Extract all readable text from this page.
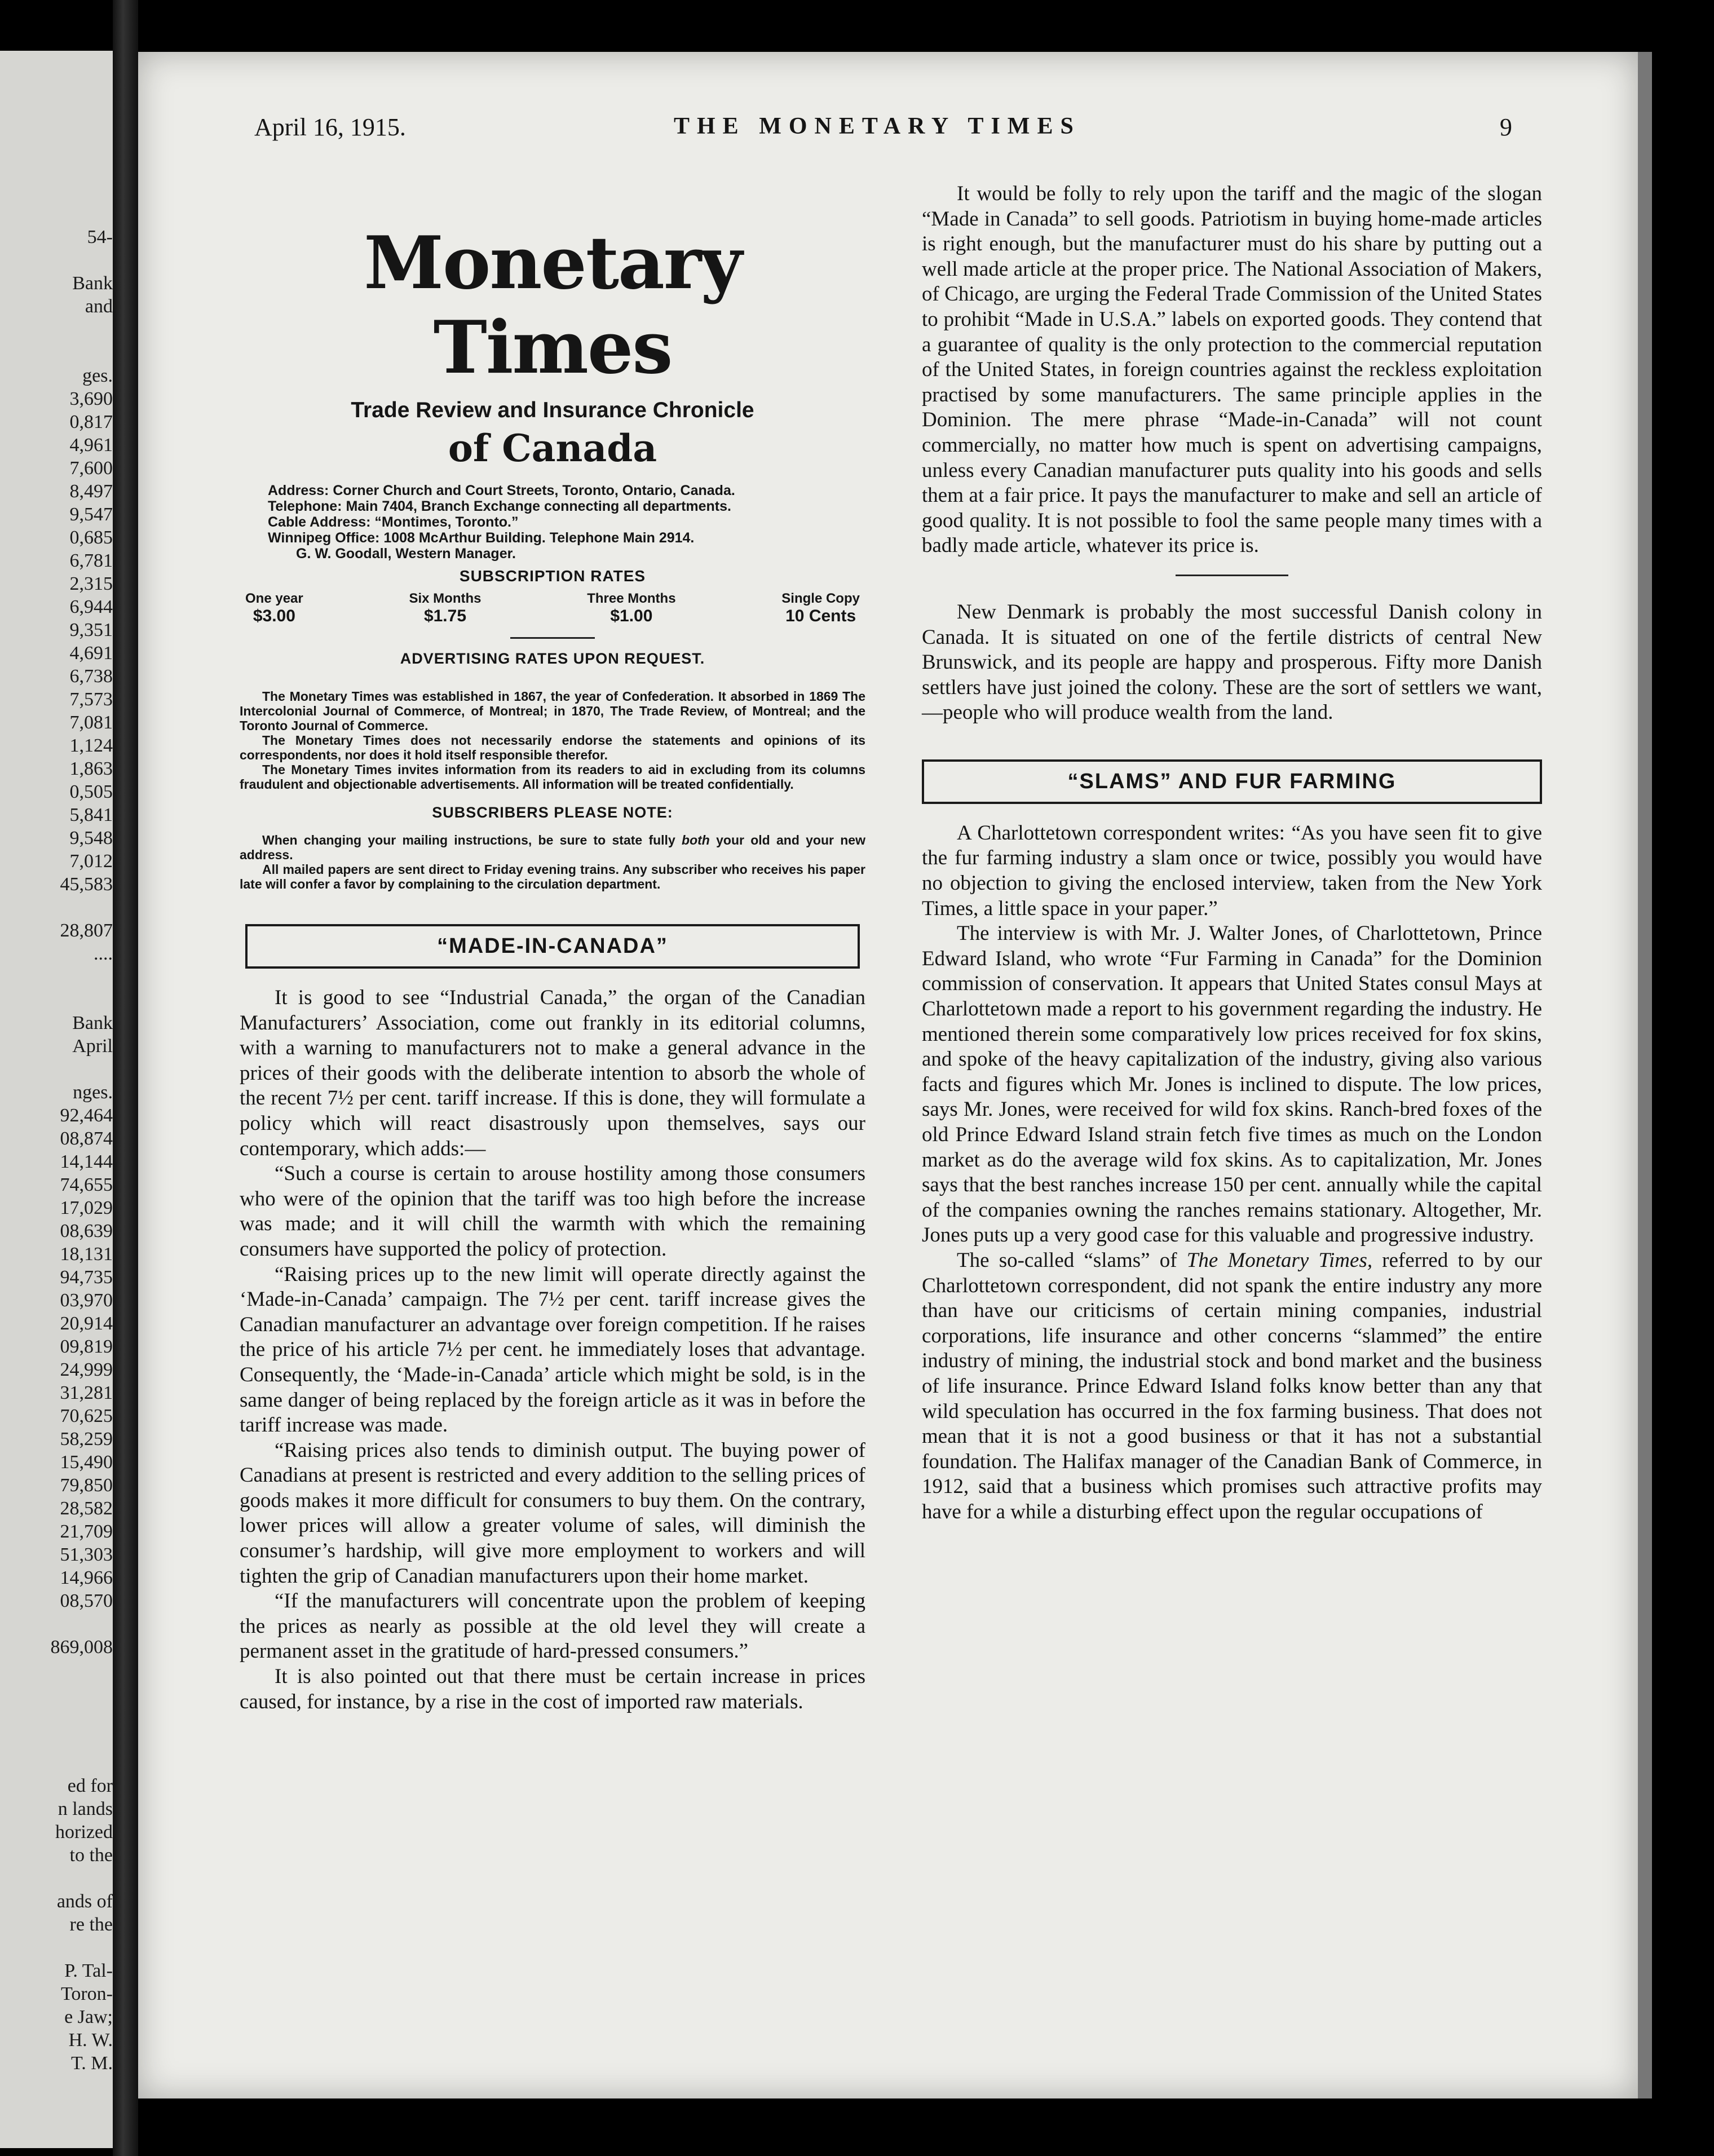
54-

Bank
and

ges.
3,690
0,817
4,961
7,600
8,497
9,547
0,685
6,781
2,315
6,944
9,351
4,691
6,738
7,573
7,081
1,124
1,863
0,505
5,841
9,548
7,012
45,583

28,807
....

Bank
April

nges.
92,464
08,874
14,144
74,655
17,029
08,639
18,131
94,735
03,970
20,914
09,819
24,999
31,281
70,625
58,259
15,490
79,850
28,582
21,709
51,303
14,966
08,570

869,008

ed for
n lands
horized
to the

ands of
re the

P. Tal-
Toron-
e Jaw;
H. W.
T. M.
April 16, 1915.	THE MONETARY TIMES	9
Monetary Times
Trade Review and Insurance Chronicle
of Canada

Address: Corner Church and Court Streets, Toronto, Ontario, Canada.

Telephone: Main 7404, Branch Exchange connecting all departments.

Cable Address: “Montimes, Toronto.”

Winnipeg Office: 1008 McArthur Building. Telephone Main 2914.

G. W. Goodall, Western Manager.

SUBSCRIPTION RATES
One year
$3.00
Six Months
$1.75
Three Months
$1.00
Single Copy
10 Cents
ADVERTISING RATES UPON REQUEST.

The Monetary Times was established in 1867, the year of Confederation. It absorbed in 1869 The Intercolonial Journal of Commerce, of Montreal; in 1870, The Trade Review, of Montreal; and the Toronto Journal of Commerce.

The Monetary Times does not necessarily endorse the statements and opinions of its correspondents, nor does it hold itself responsible therefor.

The Monetary Times invites information from its readers to aid in excluding from its columns fraudulent and objectionable advertisements. All information will be treated confidentially.

SUBSCRIBERS PLEASE NOTE:

When changing your mailing instructions, be sure to state fully both your old and your new address.

All mailed papers are sent direct to Friday evening trains. Any subscriber who receives his paper late will confer a favor by complaining to the circulation department.

“MADE-IN-CANADA”

It is good to see “Industrial Canada,” the organ of the Canadian Manufacturers’ Association, come out frankly in its editorial columns, with a warning to manufacturers not to make a general advance in the prices of their goods with the deliberate intention to absorb the whole of the recent 7½ per cent. tariff increase. If this is done, they will formulate a policy which will react disastrously upon themselves, says our contemporary, which adds:—

“Such a course is certain to arouse hostility among those consumers who were of the opinion that the tariff was too high before the increase was made; and it will chill the warmth with which the remaining consumers have supported the policy of protection.

“Raising prices up to the new limit will operate directly against the ‘Made-in-Canada’ campaign. The 7½ per cent. tariff increase gives the Canadian manufacturer an advantage over foreign competition. If he raises the price of his article 7½ per cent. he immediately loses that advantage. Consequently, the ‘Made-in-Canada’ article which might be sold, is in the same danger of being replaced by the foreign article as it was in before the tariff increase was made.

“Raising prices also tends to diminish output. The buying power of Canadians at present is restricted and every addition to the selling prices of goods makes it more difficult for consumers to buy them. On the contrary, lower prices will allow a greater volume of sales, will diminish the consumer’s hardship, will give more employment to workers and will tighten the grip of Canadian manufacturers upon their home market.

“If the manufacturers will concentrate upon the problem of keeping the prices as nearly as possible at the old level they will create a permanent asset in the gratitude of hard-pressed consumers.”

It is also pointed out that there must be certain increase in prices caused, for instance, by a rise in the cost of imported raw materials.

It would be folly to rely upon the tariff and the magic of the slogan “Made in Canada” to sell goods. Patriotism in buying home-made articles is right enough, but the manufacturer must do his share by putting out a well made article at the proper price. The National Association of Makers, of Chicago, are urging the Federal Trade Commission of the United States to prohibit “Made in U.S.A.” labels on exported goods. They contend that a guarantee of quality is the only protection to the commercial reputation of the United States, in foreign countries against the reckless exploitation practised by some manufacturers. The same principle applies in the Dominion. The mere phrase “Made-in-Canada” will not count commercially, no matter how much is spent on advertising campaigns, unless every Canadian manufacturer puts quality into his goods and sells them at a fair price. It pays the manufacturer to make and sell an article of good quality. It is not possible to fool the same people many times with a badly made article, whatever its price is.

New Denmark is probably the most successful Danish colony in Canada. It is situated on one of the fertile districts of central New Brunswick, and its people are happy and prosperous. Fifty more Danish settlers have just joined the colony. These are the sort of settlers we want,—people who will produce wealth from the land.

“SLAMS” AND FUR FARMING

A Charlottetown correspondent writes: “As you have seen fit to give the fur farming industry a slam once or twice, possibly you would have no objection to giving the enclosed interview, taken from the New York Times, a little space in your paper.”

The interview is with Mr. J. Walter Jones, of Charlottetown, Prince Edward Island, who wrote “Fur Farming in Canada” for the Dominion commission of conservation. It appears that United States consul Mays at Charlottetown made a report to his government regarding the industry. He mentioned therein some comparatively low prices received for fox skins, and spoke of the heavy capitalization of the industry, giving also various facts and figures which Mr. Jones is inclined to dispute. The low prices, says Mr. Jones, were received for wild fox skins. Ranch-bred foxes of the old Prince Edward Island strain fetch five times as much on the London market as do the average wild fox skins. As to capitalization, Mr. Jones says that the best ranches increase 150 per cent. annually while the capital of the companies owning the ranches remains stationary. Altogether, Mr. Jones puts up a very good case for this valuable and progressive industry.

The so-called “slams” of The Monetary Times, referred to by our Charlottetown correspondent, did not spank the entire industry any more than have our criticisms of certain mining companies, industrial corporations, life insurance and other concerns “slammed” the entire industry of mining, the industrial stock and bond market and the business of life insurance. Prince Edward Island folks know better than any that wild speculation has occurred in the fox farming business. That does not mean that it is not a good business or that it has not a substantial foundation. The Halifax manager of the Canadian Bank of Commerce, in 1912, said that a business which promises such attractive profits may have for a while a disturbing effect upon the regular occupations of
